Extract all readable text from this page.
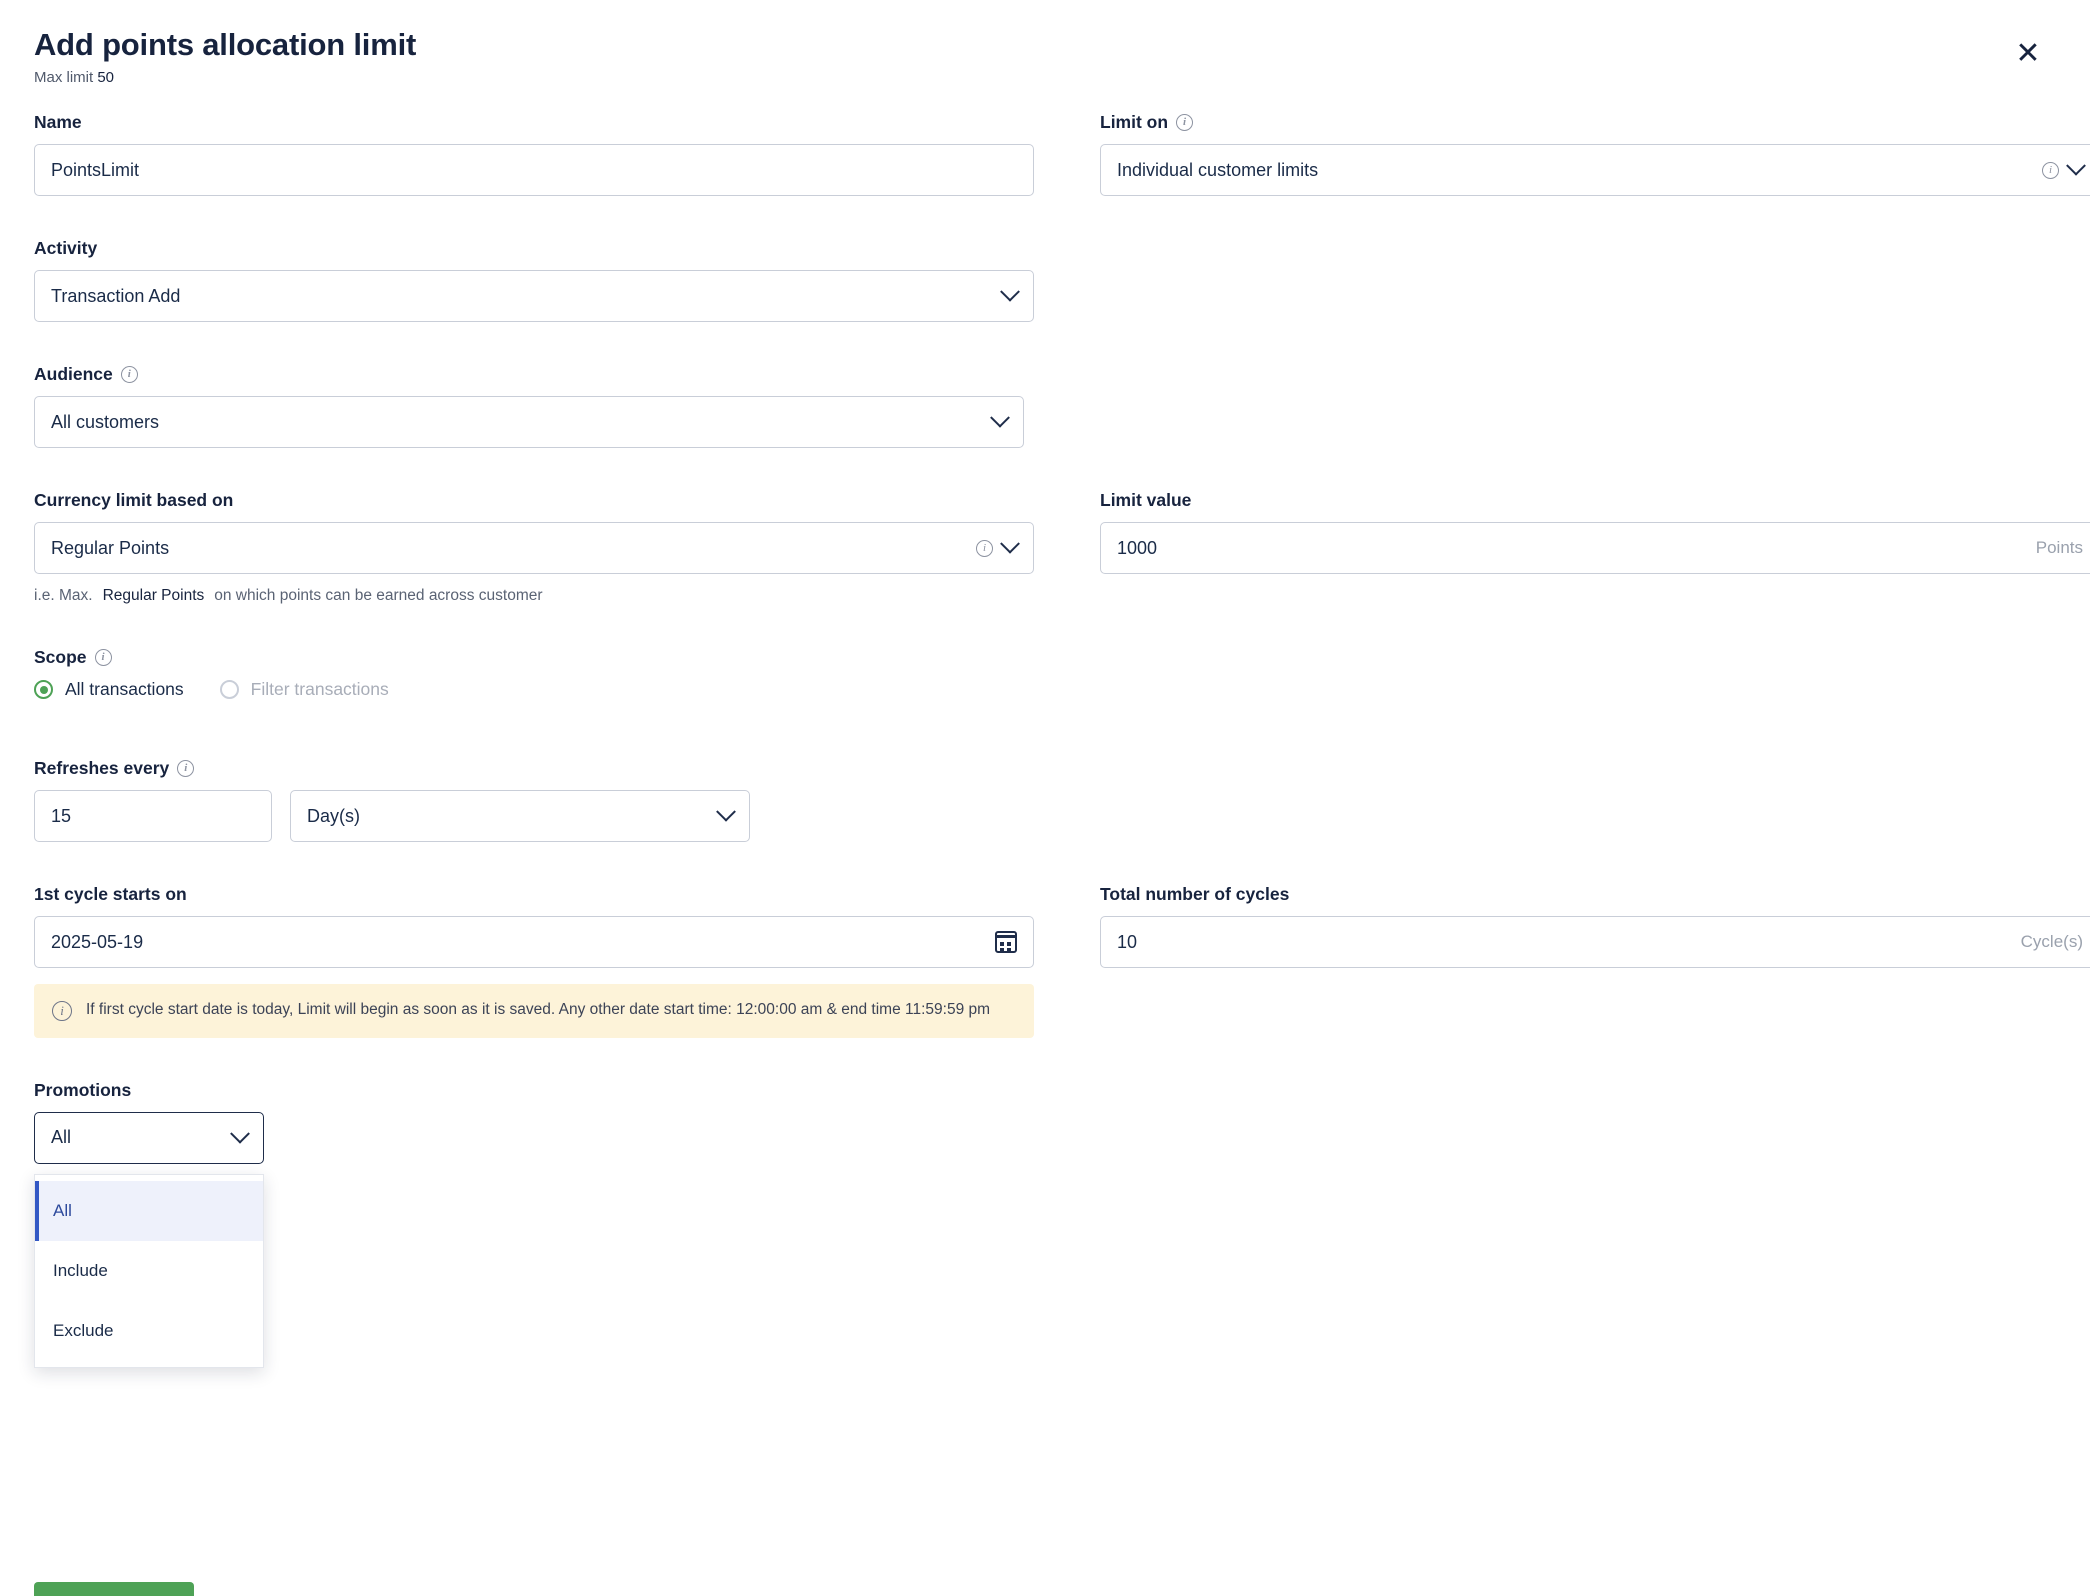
Add points allocation limit
Max limit 50
✕
Name
PointsLimit
Limit on	i
Individual customer limits	i
Activity
Transaction Add
Audience	i
All customers
Currency limit based on
Regular Points	i
i.e. Max. Regular Points on which points can be earned across customer
Limit value
1000	Points
Scope	i
All transactions	Filter transactions
Refreshes every	i
15	Day(s)
1st cycle starts on
2025-05-19
i	If first cycle start date is today, Limit will begin as soon as it is saved. Any other date start time: 12:00:00 am & end time 11:59:59 pm
Total number of cycles
10	Cycle(s)
Promotions
All
All
Include
Exclude
